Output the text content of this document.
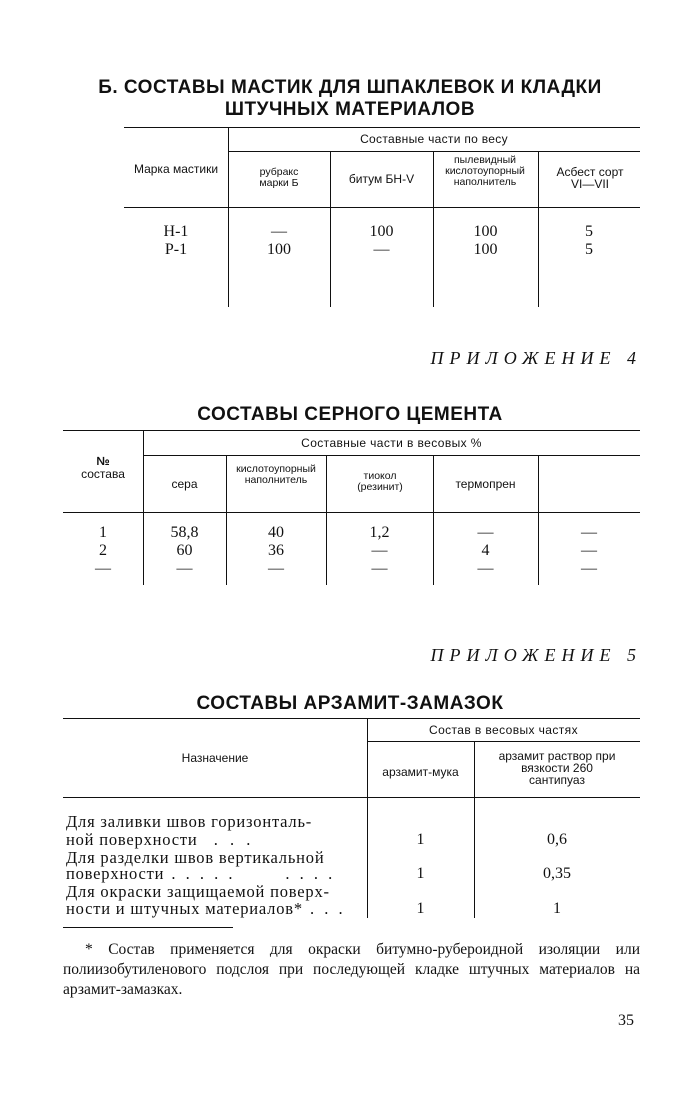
Б. СОСТАВЫ МАСТИК ДЛЯ ШПАКЛЕВОК И КЛАДКИ
ШТУЧНЫХ МАТЕРИАЛОВ
Составные части по весу
Марка мастики	рубракс марки Б	битум БН-V
пылевидный кислотоупорный наполнитель
Асбест сорт VI—VII
Н-1	—	100	100	5
Р-1	100	—	100	5
ПРИЛОЖЕНИЕ 4
СОСТАВЫ СЕРНОГО ЦЕМЕНТА
Составные части в весовых %
№
состава
сера
кислотоупорный наполнитель	тиокол (резинит)	термопрен
1	58,8	40	1,2	—	—
2	60	36	—	4	—
—	—	—	—	—	—
ПРИЛОЖЕНИЕ 5
СОСТАВЫ АРЗАМИТ-ЗАМАЗОК
Состав в весовых частях
Назначение
арзамит-мука
арзамит раствор при вязкости 260 сантипуаз
Для заливки швов горизонталь-
ной поверхности  . . .	1	0,6
Для разделки швов вертикальной
поверхности . . . . .       . . . .	1	0,35
Для окраски защищаемой поверх-
ности и штучных материалов* . . .	1	1
* Состав применяется для окраски битумно-рубероидной изоляции или полиизобутиленового подслоя при последующей кладке штучных материалов на арзамит-замазках.
35
